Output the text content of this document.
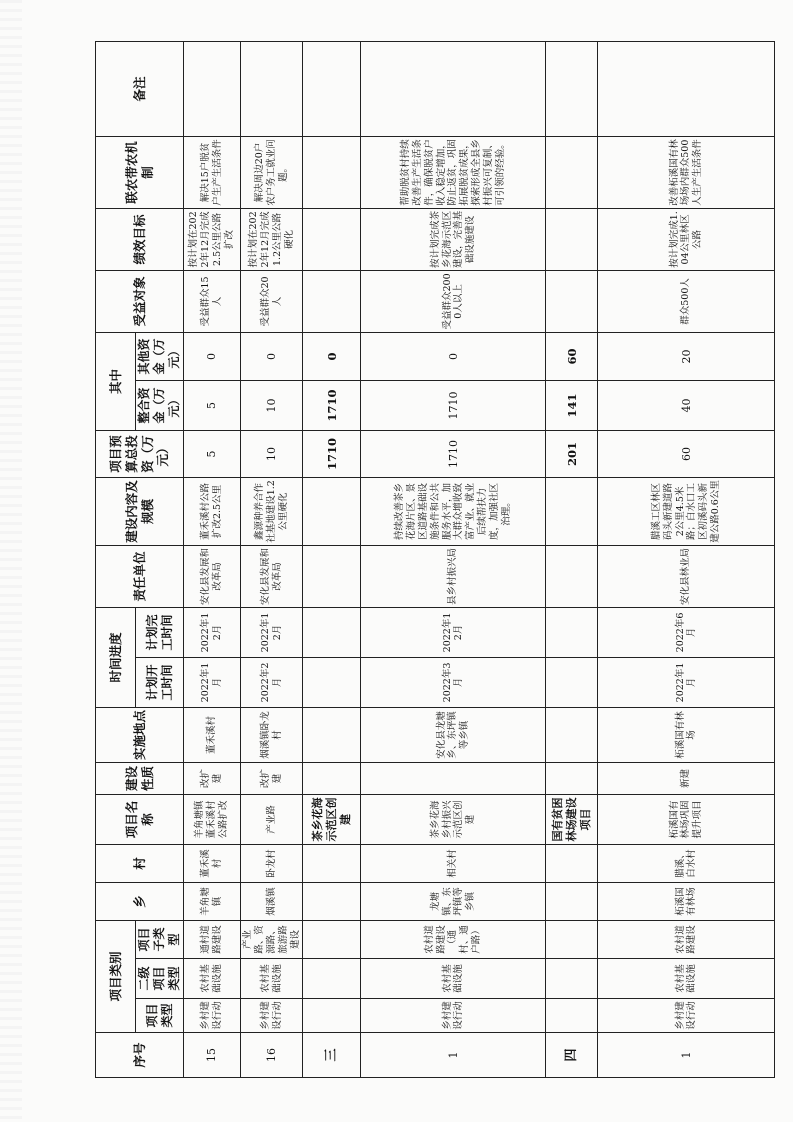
序号	项目类别			乡	村	项目名称	建设性质	实施地点	时间进度		责任单位	建设内容及规模	项目预算总投资（万元）	其中		受益对象	绩效目标	联农带农机制	备注
	项目类型	二级项目类型	项目子类型						计划开工时间	计划完工时间				整合资金（万元）	其他资金（万元）				

15	乡村建设行动	农村基础设施	通村道路建设	羊角塘镇	董禾溪村	羊角塘镇董禾溪村公路扩改	改扩建	董禾溪村	2022年1月	2022年12月	安化县发展和改革局	董禾溪村公路扩改2.5公里	5	5	0	受益群众15人	按计划在2022年12月完成2.5公里公路扩改	解决15户脱贫户生产生活条件	
16	乡村建设行动	农村基础设施	产业路、资源路、旅游路建设	烟溪镇	卧龙村	产业路	改扩建	烟溪镇卧龙村	2022年2月	2022年12月	安化县发展和改革局	鑫源种养合作社基地建设1.2公里硬化	10	10	0	受益群众20人	按计划在2022年12月完成1.2公里公路硬化	解决周边20户农户务工就业问题。	
三						茶乡花海示范区创建							1710	1710	0				
1	乡村建设行动	农村基础设施	农村道路建设（通村、通户路）	龙塘镇、东坪镇等乡镇	相关村	茶乡花海乡村振兴示范区创建		安化县龙塘乡、东坪镇等乡镇	2022年3月	2022年12月	县乡村振兴局	持续改善茶乡花海片区、景区道路基础设施条件和公共服务水平，加大群众增收致富产业、就业后续帮扶力度，加强社区治理。	1710	1710	0	受益群众2000人以上	按计划完成茶乡花海示范区建设，完善基础设施建设	帮助脱贫村持续改善生产生活条件，确保脱贫户收入稳定增加，防止返贫，巩固拓展脱贫成果，探索形成全县乡村振兴可复制、可引领的经验。	
四						国有贫困林场建设项目							201	141	60				
1	乡村建设行动	农村基础设施	农村道路建设	柘溪国有林场	腊溪、白水村	柘溪国有林场巩固提升项目	新建	柘溪国有林场	2022年1月	2022年6月	安化县林业局	腊溪工区林区码头新建道路2公里4.5米路；白水口工区初溪码头新建公路0.6公里	60	40	20	群众500人	按计划完成1.04公里林区公路	改善柘溪国有林场场内群众500人生产生活条件	
